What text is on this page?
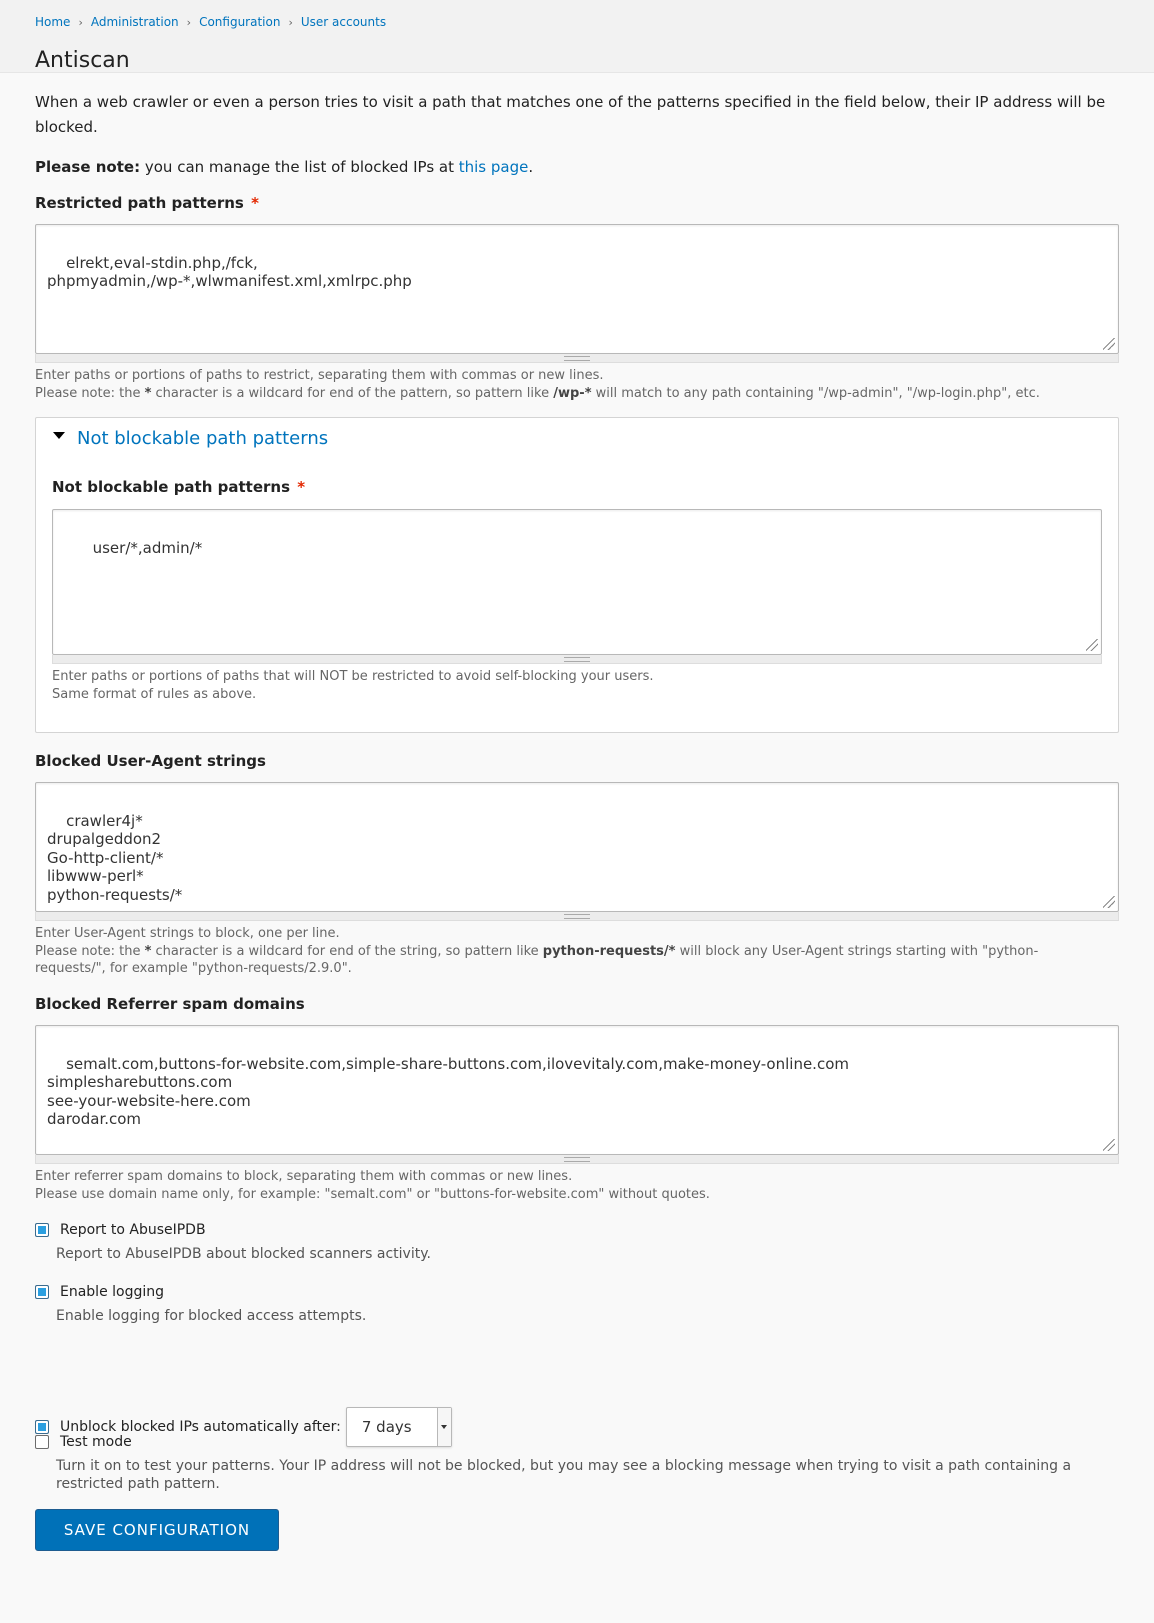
Home › Administration › Configuration › User accounts
Antiscan

When a web crawler or even a person tries to visit a path that matches one of the patterns specified in the field below, their IP address will be blocked.

Please note: you can manage the list of blocked IPs at this page.

Restricted path patterns *

elrekt,eval-stdin.php,/fck,
phpmyadmin,/wp-*,wlwmanifest.xml,xmlrpc.php

Enter paths or portions of paths to restrict, separating them with commas or new lines.
Please note: the * character is a wildcard for end of the pattern, so pattern like /wp-* will match to any path containing "/wp-admin", "/wp-login.php", etc.

Not blockable path patterns

Not blockable path patterns *

user/*,admin/*

Enter paths or portions of paths that will NOT be restricted to avoid self-blocking your users.
Same format of rules as above.

Blocked User-Agent strings

crawler4j*
drupalgeddon2
Go-http-client/*
libwww-perl*
python-requests/*

Enter User-Agent strings to block, one per line.
Please note: the * character is a wildcard for end of the string, so pattern like python-requests/* will block any User-Agent strings starting with "python-
requests/", for example "python-requests/2.9.0".

Blocked Referrer spam domains

semalt.com,buttons-for-website.com,simple-share-buttons.com,ilovevitaly.com,make-money-online.com
simplesharebuttons.com
see-your-website-here.com
darodar.com

Enter referrer spam domains to block, separating them with commas or new lines.
Please use domain name only, for example: "semalt.com" or "buttons-for-website.com" without quotes.

Report to AbuseIPDB

Report to AbuseIPDB about blocked scanners activity.

Enable logging

Enable logging for blocked access attempts.

Unblock blocked IPs automatically after: 7 days
Test mode

Turn it on to test your patterns. Your IP address will not be blocked, but you may see a blocking message when trying to visit a path containing a restricted path pattern.

SAVE CONFIGURATION
